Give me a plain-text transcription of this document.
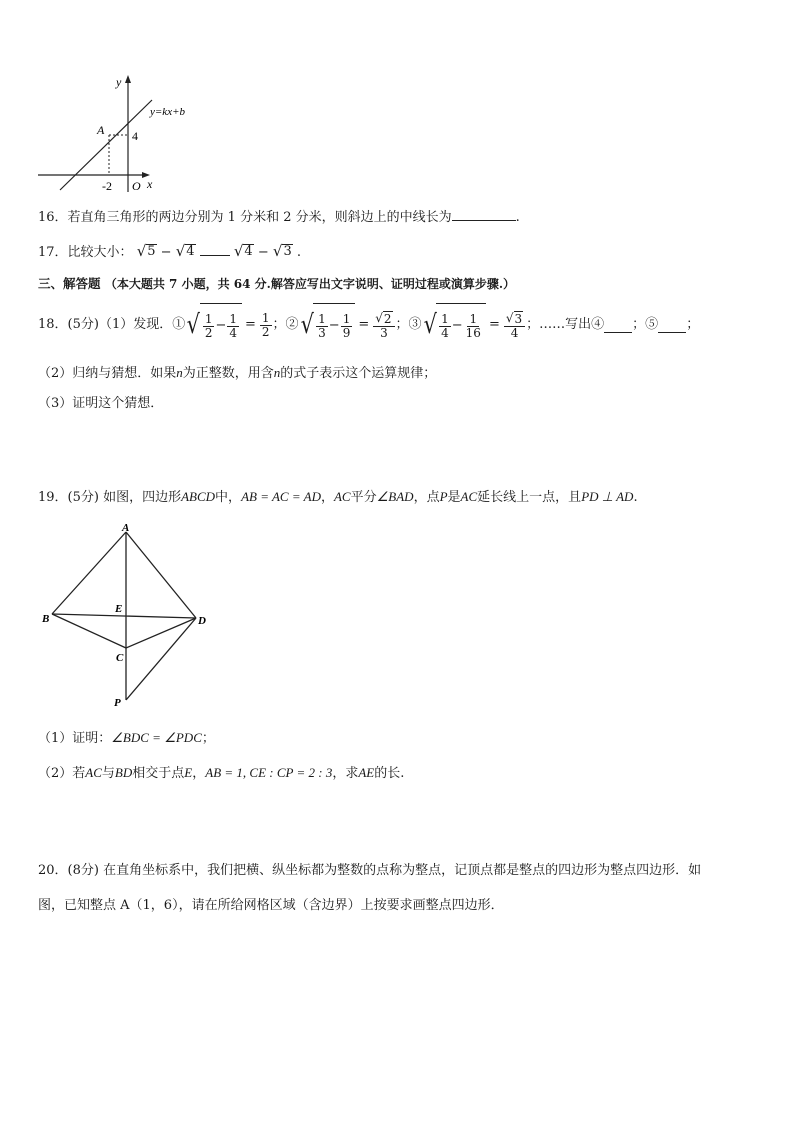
y
x
O
y=kx+b
A 4
-2
16．若直角三角形的两边分别为 1 分米和 2 分米，则斜边上的中线长为	.
17．比较大小： √ 5 − √ 4
	√ 4 − √ 3 .
三、解答题 （本大题共 7 小题，共 64 分.解答应写出文字说明、证明过程或演算步骤.）
18．(5分)（1）发现．① √ $\frac{1}{2} - \frac{1}{4} = \frac{1}{2}$ ；② √ $\frac{1}{3} - \frac{1}{9} = \frac{√ 2}{3}$ ；③ √ $\frac{1}{4} - \frac{1}{16} = \frac{√ 3}{4}$ ；……写出④ ；⑤ ；
（2）归纳与猜想．如果n为正整数，用含n的式子表示这个运算规律；
（3）证明这个猜想．
19．(5分) 如图，四边形ABCD中，AB = AC = AD，AC平分∠BAD，点P是AC延长线上一点，且PD ⊥ AD.
A
B
E
D
C
P
（1）证明：∠BDC = ∠PDC；
（2）若AC与BD相交于点E，AB = 1, CE : CP = 2 : 3，求AE的长.
20．(8分) 在直角坐标系中，我们把横、纵坐标都为整数的点称为整点，记顶点都是整点的四边形为整点四边形．如
图，已知整点 A（1，6），请在所给网格区域（含边界）上按要求画整点四边形．
